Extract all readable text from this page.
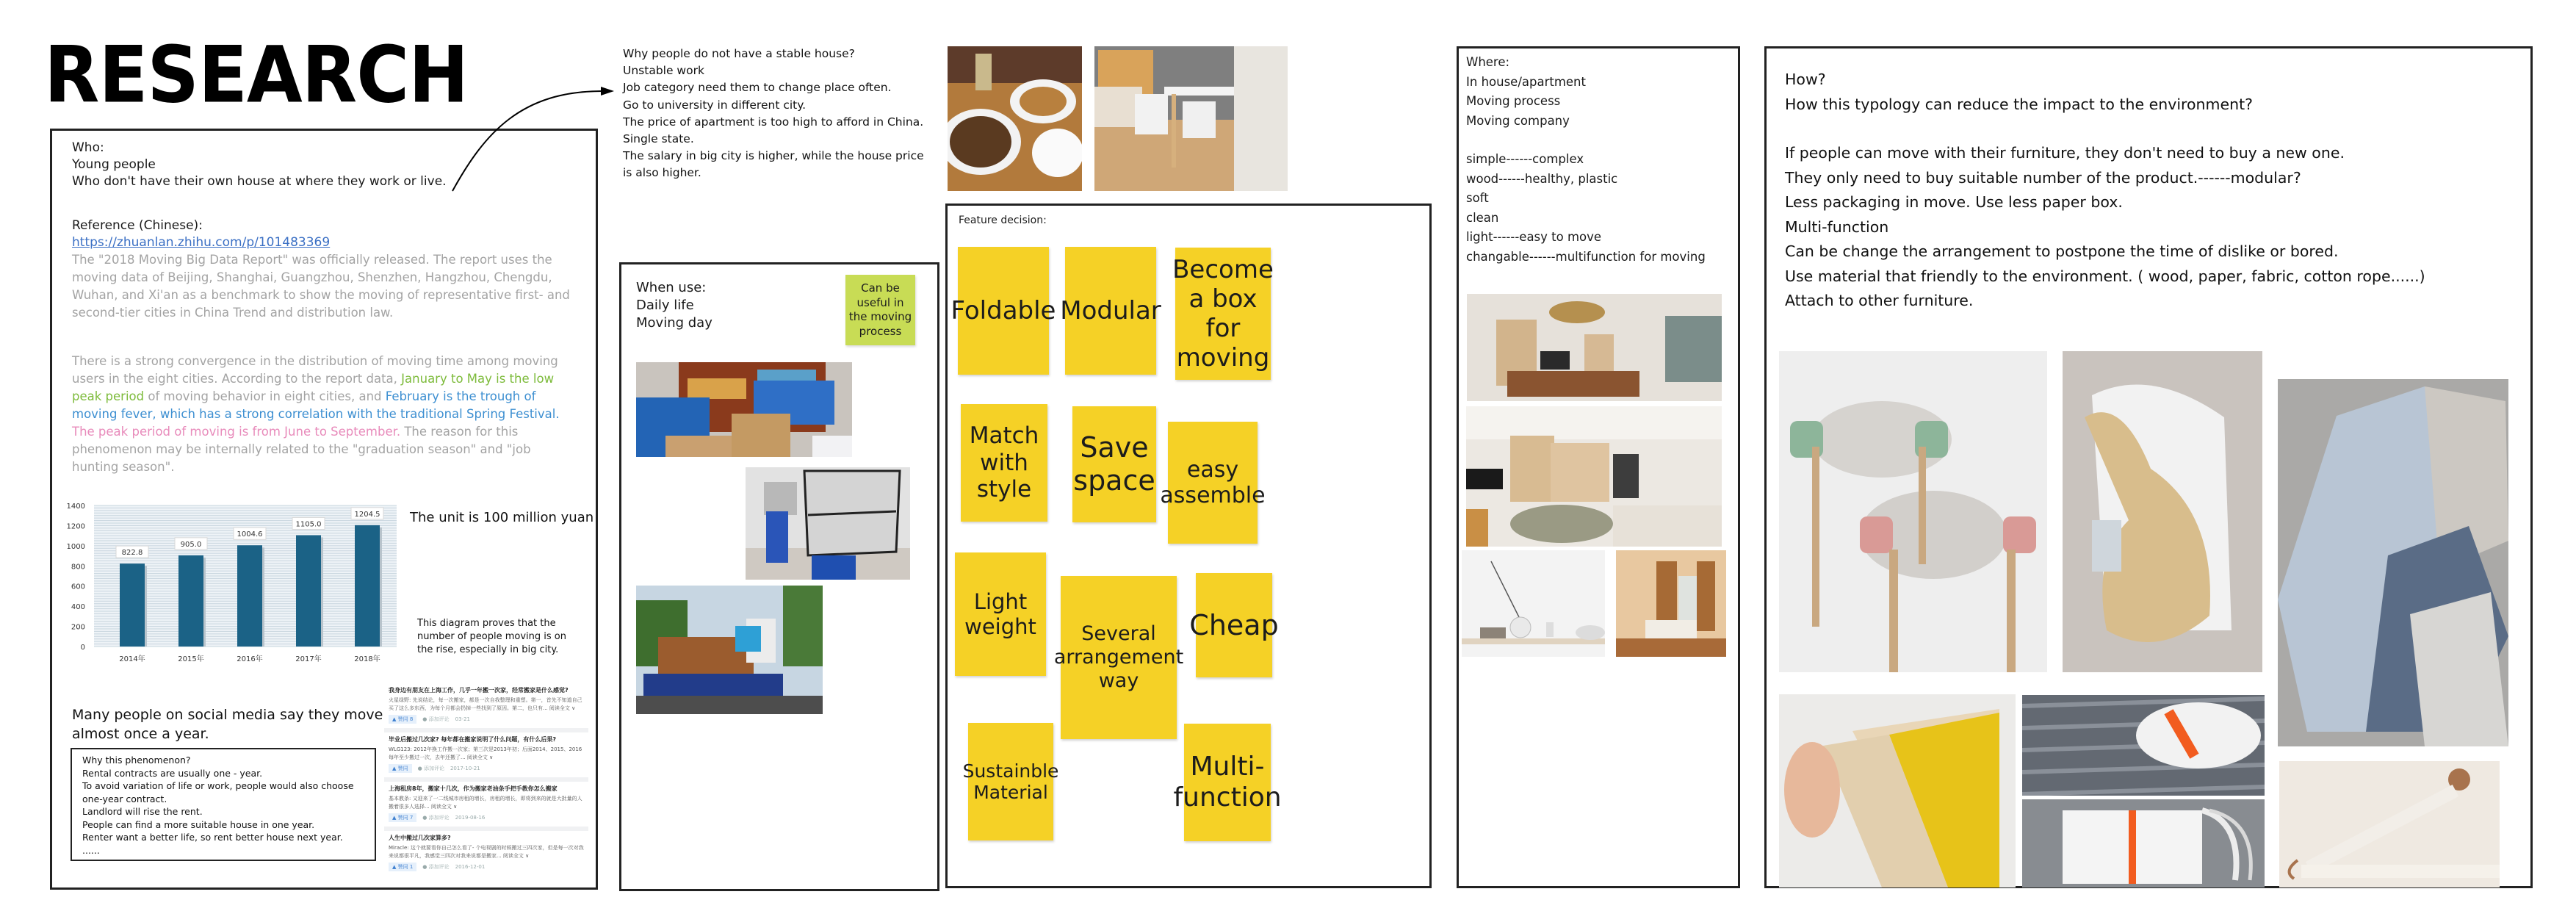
RESEARCH
Who:
Young people
Who don't have their own house at where they work or live.
Reference (Chinese):
https://zhuanlan.zhihu.com/p/101483369
The "2018 Moving Big Data Report" was officially released. The report uses the moving data of Beijing, Shanghai, Guangzhou, Shenzhen, Hangzhou, Chengdu, Wuhan, and Xi'an as a benchmark to show the moving of representative first- and second-tier cities in China Trend and distribution law.
There is a strong convergence in the distribution of moving time among moving users in the eight cities. According to the report data, January to May is the low peak period of moving behavior in eight cities, and February is the trough of moving fever, which has a strong correlation with the traditional Spring Festival. The peak period of moving is from June to September. The reason for this phenomenon may be internally related to the "graduation season" and "job hunting season".
0
200
400
600
800
1000
1200
1400
822.8
2014年
905.0
2015年
1004.6
2016年
1105.0
2017年
1204.5
2018年
The unit is 100 million yuan
This diagram proves that the number of people moving is on the rise, especially in big city.
Many people on social media say they move almost once a year.
Why this phenomenon?
Rental contracts are usually one - year.
To avoid variation of life or work, people would also choose one-year contract.
Landlord will rise the rent.
People can find a more suitable house in one year.
Renter want a better life, so rent better house next year.
......
我身边有朋友在上海工作，几乎一年搬一次家，经常搬家是什么感觉?
火星绿野: 先说结论，每一次搬家，都是一次自我整理和重塑。第一，首先不知道自己买了这么多东西，为每个月都会扔掉一些找到了原因。第二，也只有... 阅读全文 ∨
▲ 赞同 8	● 添加评论 03-21
毕业后搬过几次家? 每年都在搬家说明了什么问题，有什么后果?
WLG123: 2012年换工作搬一次家；第三次是2013年初；后面2014、2015、2016每年至少搬过一次，去年还搬了... 阅读全文 ∨
▲ 赞同	● 添加评论 2017-10-21
上海租房8年，搬家十几次，作为搬家老油条手把手教你怎么搬家
基本教条: 又迎来了一二线城市房租的增长，房租的增长，即将到来的就是大批量的人搬着很多人选择... 阅读全文 ∨
▲ 赞同 7	● 添加评论 2019-08-16
人生中搬过几次家算多?
Miracle: 这个就要看你自己怎么看了- 个电视剧的时候搬过三四次家，但是每一次对我来说都很平凡，我感觉三四次对我来说都是搬家... 阅读全文 ∨
▲ 赞同 1	● 添加评论 2016-12-01
Why people do not have a stable house?
Unstable work
Job category need them to change place often.
Go to university in different city.
The price of apartment is too high to afford in China.
Single state.
The salary in big city is higher, while the house price
is also higher.
When use:
Daily life
Moving day
Can be
useful in
the moving
process
Feature decision:
Foldable Modular
Become a box for moving
Match with style
Save space	easy assemble
Light weight	Several arrangement way
Cheap
Sustainble Material
Multi-function
Where:
In house/apartment
Moving process
Moving company
simple------complex
wood------healthy, plastic
soft
clean
light------easy to move
changable------multifunction for moving
How?
How this typology can reduce the impact to the environment?
If people can move with their furniture, they don't need to buy a new one.
They only need to buy suitable number of the product.------modular?
Less packaging in move. Use less paper box.
Multi-function
Can be change the arrangement to postpone the time of dislike or bored.
Use material that friendly to the environment. ( wood, paper, fabric, cotton rope......)
Attach to other furniture.
